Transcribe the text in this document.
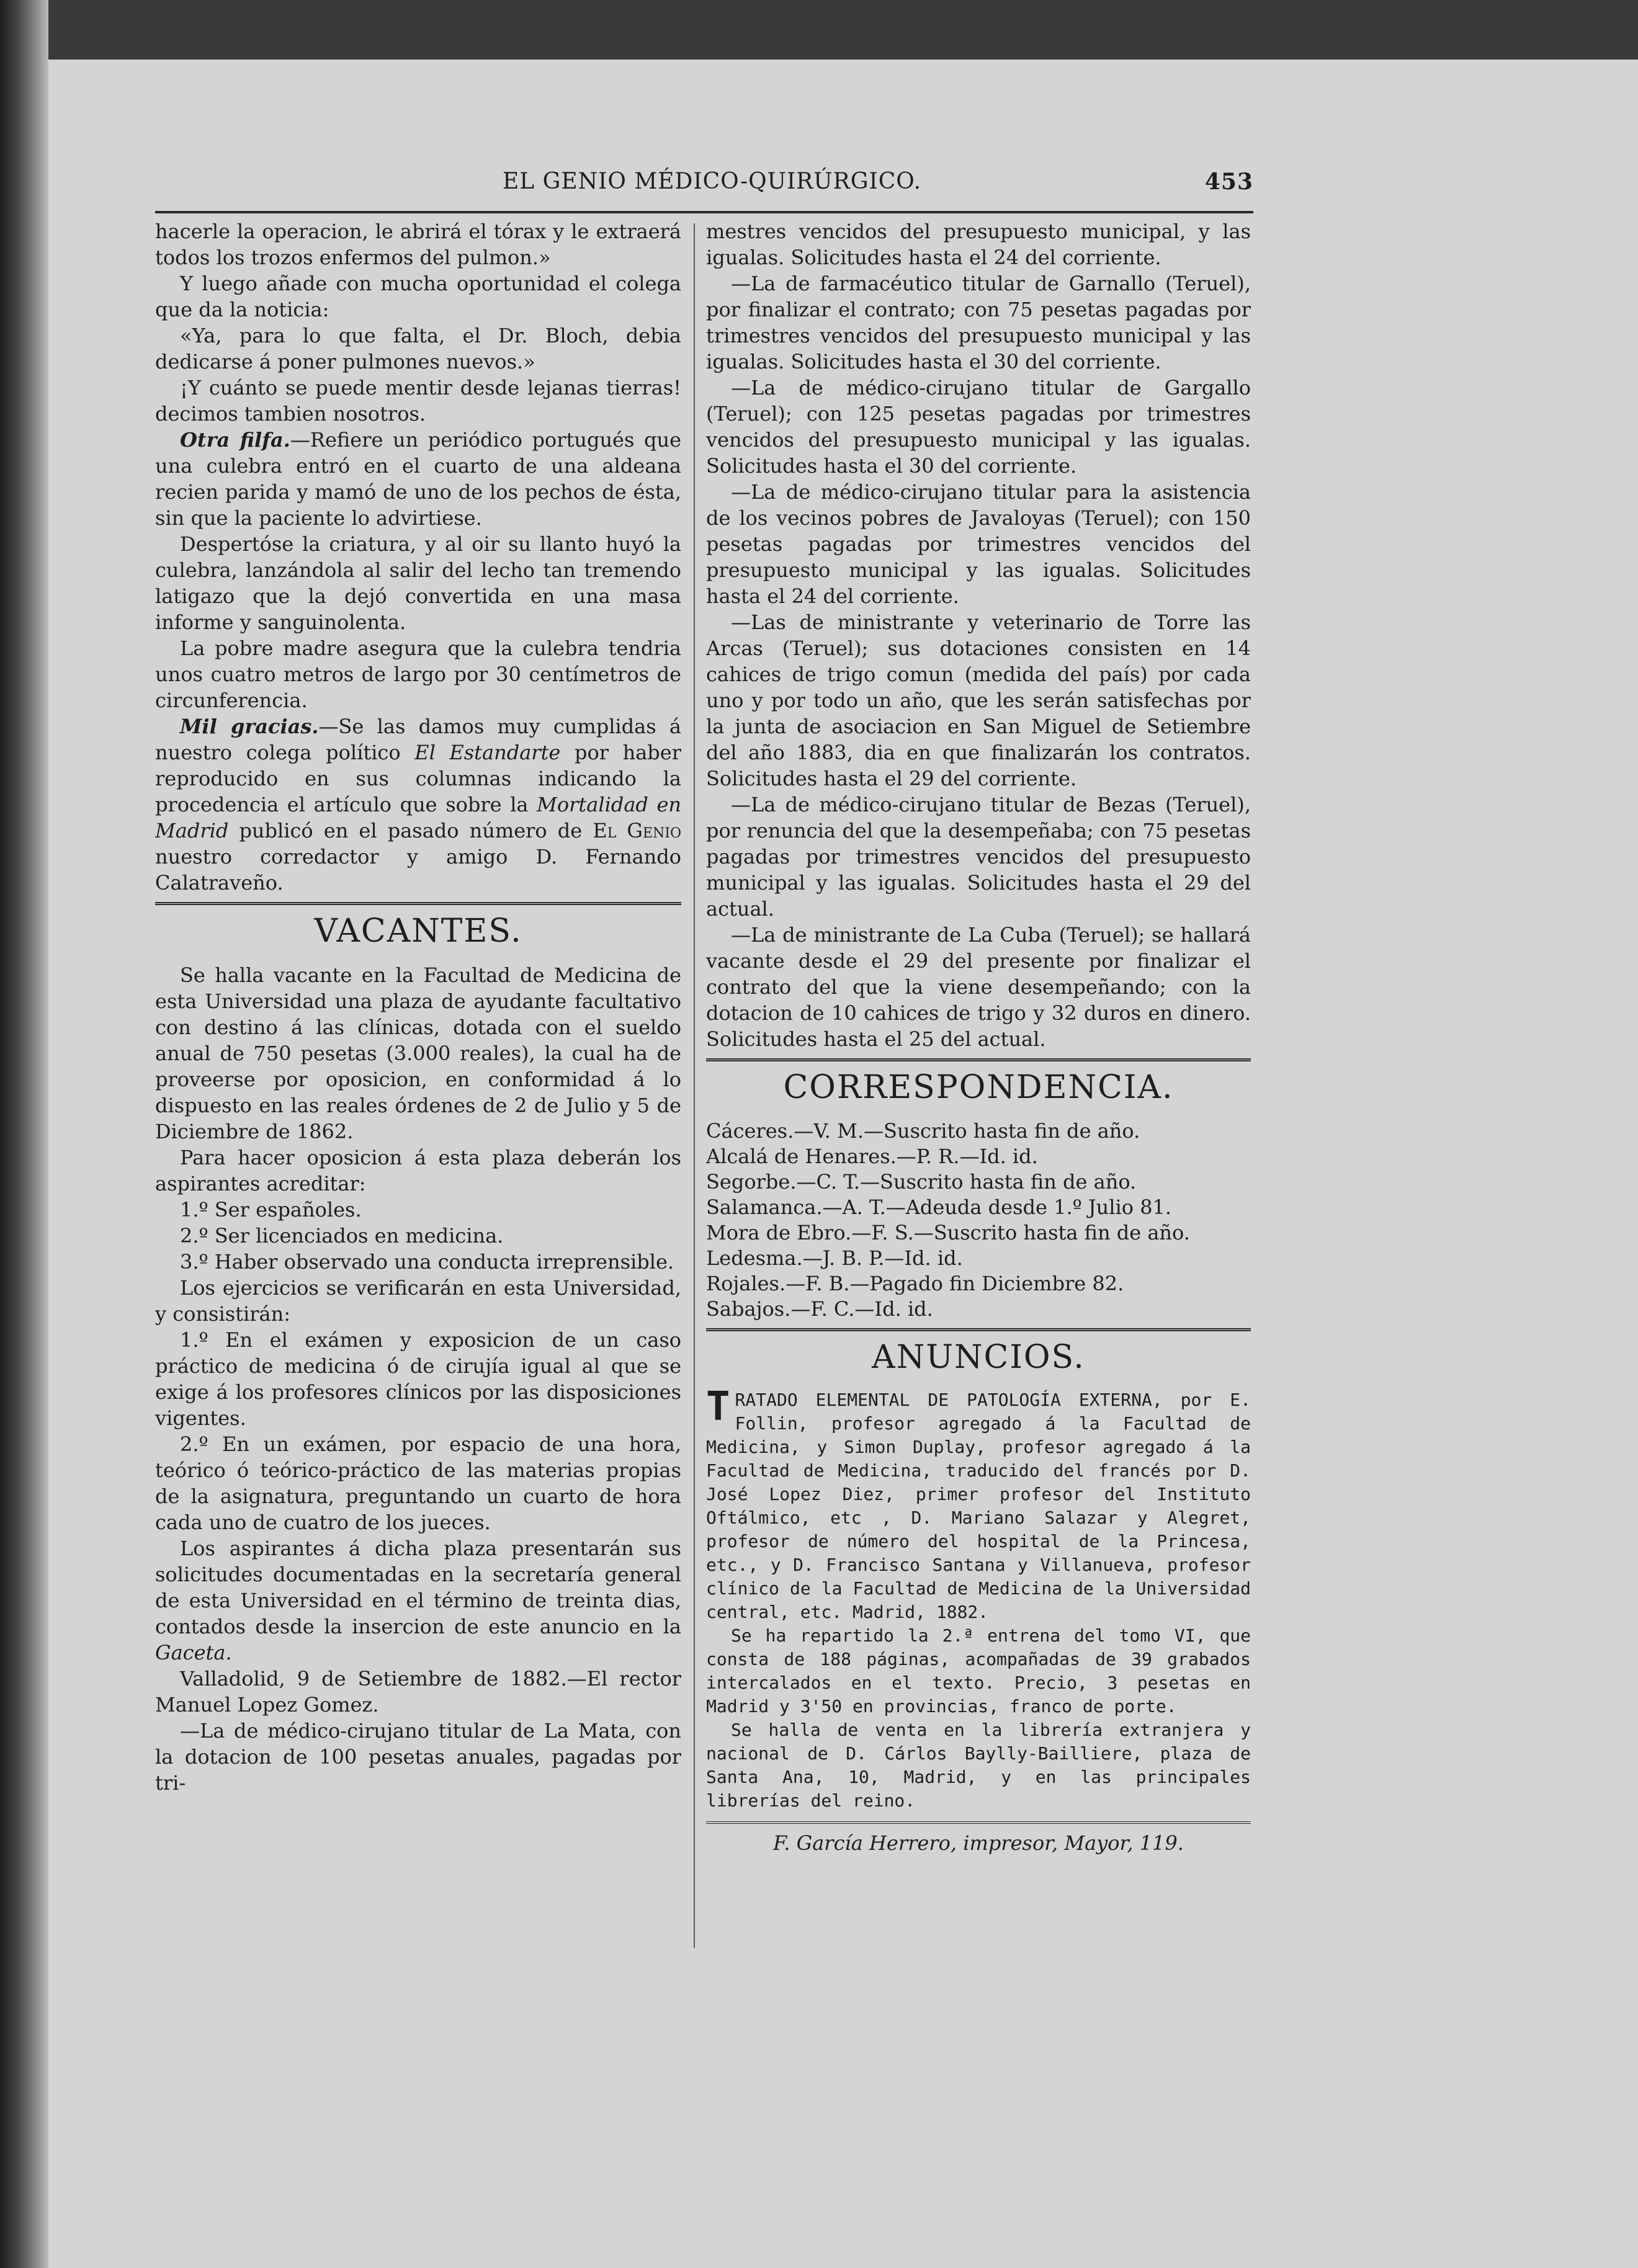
EL GENIO MÉDICO-QUIRÚRGICO.	453

hacerle la operacion, le abrirá el tórax y le extraerá todos los trozos enfermos del pulmon.»

Y luego añade con mucha oportunidad el colega que da la noticia:

«Ya, para lo que falta, el Dr. Bloch, debia dedicarse á poner pulmones nuevos.»

¡Y cuánto se puede mentir desde lejanas tierras! decimos tambien nosotros.

Otra filfa.—Refiere un periódico portugués que una culebra entró en el cuarto de una aldeana recien parida y mamó de uno de los pechos de ésta, sin que la paciente lo advirtiese.

Despertóse la criatura, y al oir su llanto huyó la culebra, lanzándola al salir del lecho tan tremendo latigazo que la dejó convertida en una masa informe y sanguinolenta.

La pobre madre asegura que la culebra tendria unos cuatro metros de largo por 30 centímetros de circunferencia.

Mil gracias.—Se las damos muy cumplidas á nuestro colega político El Estandarte por haber reproducido en sus columnas indicando la procedencia el artículo que sobre la Mortalidad en Madrid publicó en el pasado número de El Genio nuestro corredactor y amigo D. Fernando Calatraveño.

VACANTES.

Se halla vacante en la Facultad de Medicina de esta Universidad una plaza de ayudante facultativo con destino á las clínicas, dotada con el sueldo anual de 750 pesetas (3.000 reales), la cual ha de proveerse por oposicion, en conformidad á lo dispuesto en las reales órdenes de 2 de Julio y 5 de Diciembre de 1862.

Para hacer oposicion á esta plaza deberán los aspirantes acreditar:

1.º Ser españoles.

2.º Ser licenciados en medicina.

3.º Haber observado una conducta irreprensible.

Los ejercicios se verificarán en esta Universidad, y consistirán:

1.º En el exámen y exposicion de un caso práctico de medicina ó de cirujía igual al que se exige á los profesores clínicos por las disposiciones vigentes.

2.º En un exámen, por espacio de una hora, teórico ó teórico-práctico de las materias propias de la asignatura, preguntando un cuarto de hora cada uno de cuatro de los jueces.

Los aspirantes á dicha plaza presentarán sus solicitudes documentadas en la secretaría general de esta Universidad en el término de treinta dias, contados desde la insercion de este anuncio en la Gaceta.

Valladolid, 9 de Setiembre de 1882.—El rector Manuel Lopez Gomez.

—La de médico-cirujano titular de La Mata, con la dotacion de 100 pesetas anuales, pagadas por tri-

mestres vencidos del presupuesto municipal, y las igualas. Solicitudes hasta el 24 del corriente.

—La de farmacéutico titular de Garnallo (Teruel), por finalizar el contrato; con 75 pesetas pagadas por trimestres vencidos del presupuesto municipal y las igualas. Solicitudes hasta el 30 del corriente.

—La de médico-cirujano titular de Gargallo (Teruel); con 125 pesetas pagadas por trimestres vencidos del presupuesto municipal y las igualas. Solicitudes hasta el 30 del corriente.

—La de médico-cirujano titular para la asistencia de los vecinos pobres de Javaloyas (Teruel); con 150 pesetas pagadas por trimestres vencidos del presupuesto municipal y las igualas. Solicitudes hasta el 24 del corriente.

—Las de ministrante y veterinario de Torre las Arcas (Teruel); sus dotaciones consisten en 14 cahices de trigo comun (medida del país) por cada uno y por todo un año, que les serán satisfechas por la junta de asociacion en San Miguel de Setiembre del año 1883, dia en que finalizarán los contratos. Solicitudes hasta el 29 del corriente.

—La de médico-cirujano titular de Bezas (Teruel), por renuncia del que la desempeñaba; con 75 pesetas pagadas por trimestres vencidos del presupuesto municipal y las igualas. Solicitudes hasta el 29 del actual.

—La de ministrante de La Cuba (Teruel); se hallará vacante desde el 29 del presente por finalizar el contrato del que la viene desempeñando; con la dotacion de 10 cahices de trigo y 32 duros en dinero. Solicitudes hasta el 25 del actual.

CORRESPONDENCIA.
Cáceres.—V. M.—Suscrito hasta fin de año.
Alcalá de Henares.—P. R.—Id. id.
Segorbe.—C. T.—Suscrito hasta fin de año.
Salamanca.—A. T.—Adeuda desde 1.º Julio 81.
Mora de Ebro.—F. S.—Suscrito hasta fin de año.
Ledesma.—J. B. P.—Id. id.
Rojales.—F. B.—Pagado fin Diciembre 82.
Sabajos.—F. C.—Id. id.
ANUNCIOS.

TRATADO ELEMENTAL DE PATOLOGÍA EXTERNA, por E. Follin, profesor agregado á la Facultad de Medicina, y Simon Duplay, profesor agregado á la Facultad de Medicina, traducido del francés por D. José Lopez Diez, primer profesor del Instituto Oftálmico, etc , D. Mariano Salazar y Alegret, profesor de número del hospital de la Princesa, etc., y D. Francisco Santana y Villanueva, profesor clínico de la Facultad de Medicina de la Universidad central, etc. Madrid, 1882.

Se ha repartido la 2.ª entrena del tomo VI, que consta de 188 páginas, acompañadas de 39 grabados intercalados en el texto. Precio, 3 pesetas en Madrid y 3'50 en provincias, franco de porte.

Se halla de venta en la librería extranjera y nacional de D. Cárlos Baylly-Bailliere, plaza de Santa Ana, 10, Madrid, y en las principales librerías del reino.

F. García Herrero, impresor, Mayor, 119.
